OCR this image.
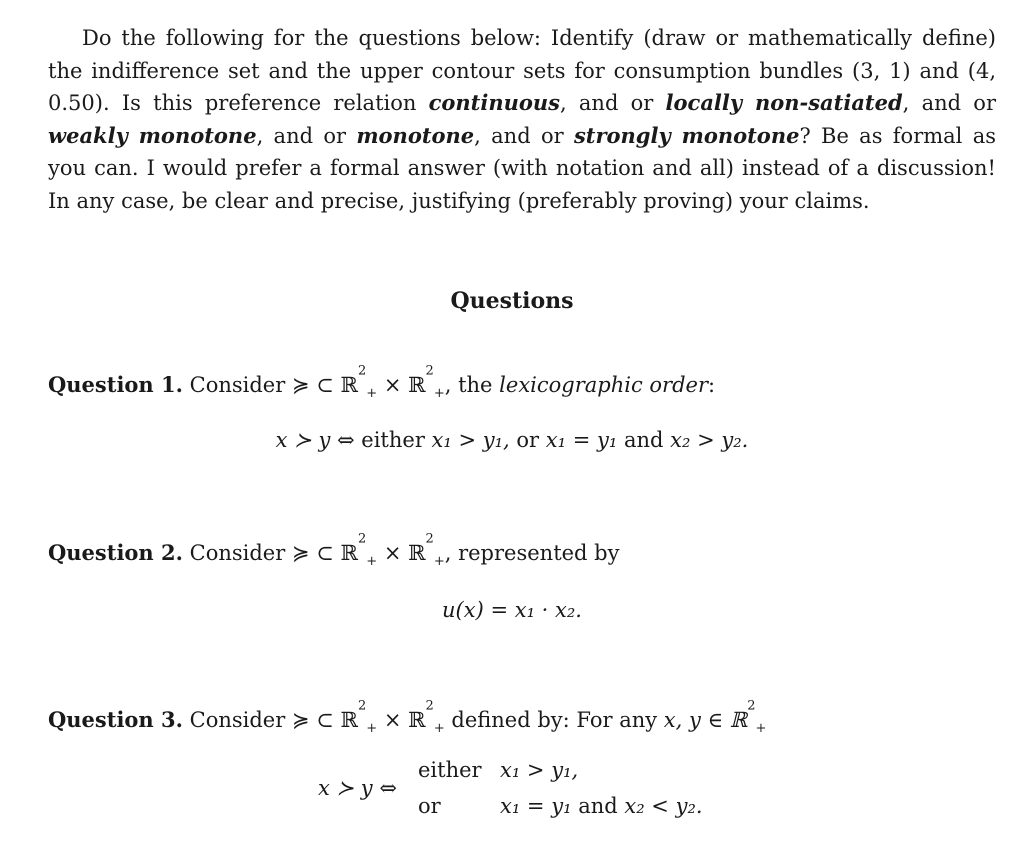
Do the following for the questions below: Identify (draw or mathematically define) the indifference set and the upper contour sets for consumption bundles (3, 1) and (4, 0.50). Is this preference relation continuous, and or locally non-satiated, and or weakly monotone, and or monotone, and or strongly monotone? Be as formal as you can. I would prefer a formal answer (with notation and all) instead of a discussion! In any case, be clear and precise, justifying (preferably proving) your claims.

Questions

Question 1. Consider ≽ ⊂ ℝ$^2_+$ × ℝ$^2_+$, the lexicographic order:

x ≻ y ⇔ either x₁ > y₁, or x₁ = y₁ and x₂ > y₂.

Question 2. Consider ≽ ⊂ ℝ$^2_+$ × ℝ$^2_+$, represented by

u(x) = x₁ · x₂.

Question 3. Consider ≽ ⊂ ℝ$^2_+$ × ℝ$^2_+$ defined by: For any x, y ∈ ℝ$^2_+$

x ≻ y ⇔
either x₁ > y₁,
or	x₁ = y₁ and x₂ < y₂.
